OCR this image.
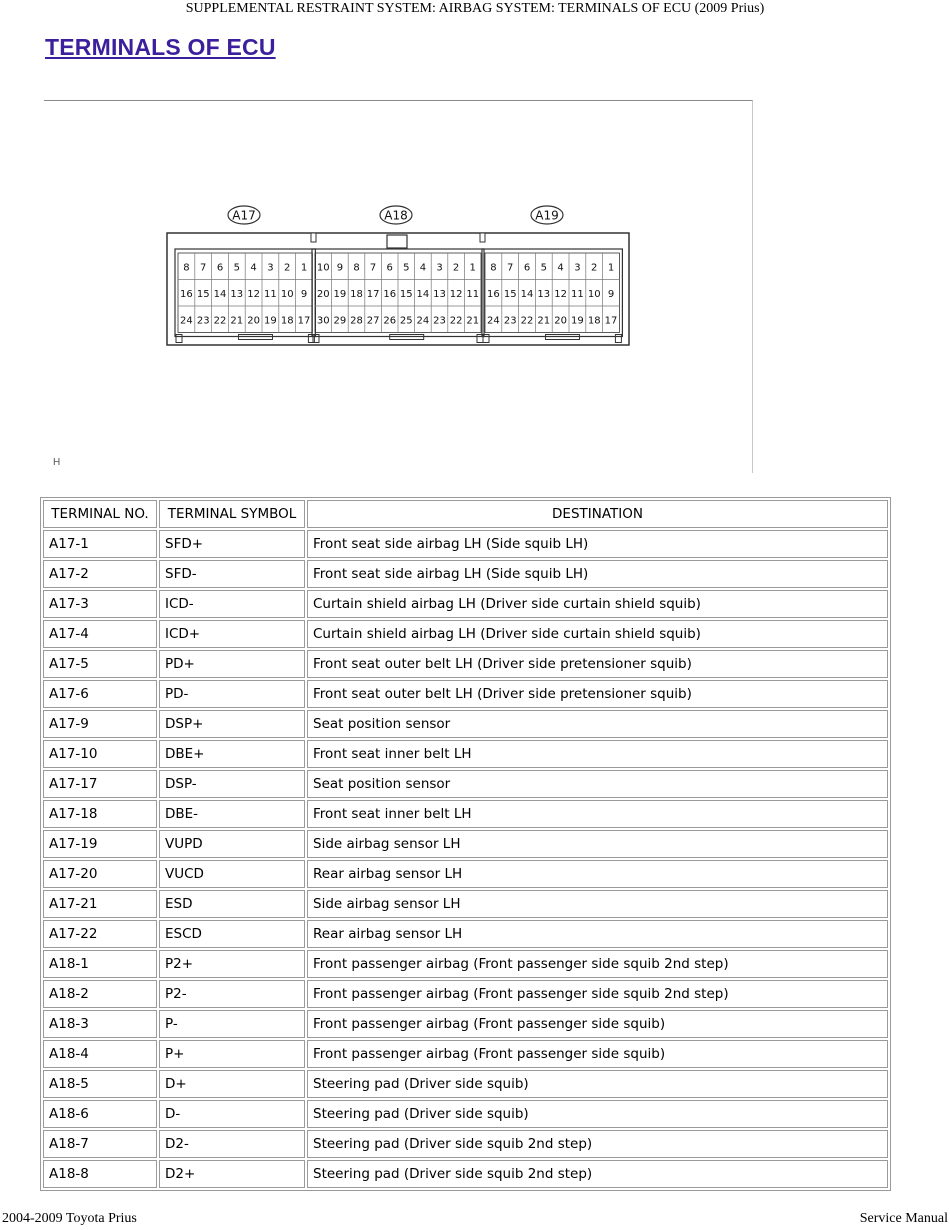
SUPPLEMENTAL RESTRAINT SYSTEM: AIRBAG SYSTEM: TERMINALS OF ECU (2009 Prius)
TERMINALS OF ECU
8 7 6 5 4 3 2 1
16 15 14 13 12 11 10 9
24 23 22 21 20 19 18 17
A17
10 9 8 7 6 5 4 3 2 1
20 19 18 17 16 15 14 13 12 11
30 29 28 27 26 25 24 23 22 21
A18
8 7 6 5 4 3 2 1
16 15 14 13 12 11 10 9
24 23 22 21 20 19 18 17
A19
H
TERMINAL NO.	TERMINAL SYMBOL	DESTINATION
A17-1	SFD+	Front seat side airbag LH (Side squib LH)
A17-2	SFD-	Front seat side airbag LH (Side squib LH)
A17-3	ICD-	Curtain shield airbag LH (Driver side curtain shield squib)
A17-4	ICD+	Curtain shield airbag LH (Driver side curtain shield squib)
A17-5	PD+	Front seat outer belt LH (Driver side pretensioner squib)
A17-6	PD-	Front seat outer belt LH (Driver side pretensioner squib)
A17-9	DSP+	Seat position sensor
A17-10	DBE+	Front seat inner belt LH
A17-17	DSP-	Seat position sensor
A17-18	DBE-	Front seat inner belt LH
A17-19	VUPD	Side airbag sensor LH
A17-20	VUCD	Rear airbag sensor LH
A17-21	ESD	Side airbag sensor LH
A17-22	ESCD	Rear airbag sensor LH
A18-1	P2+	Front passenger airbag (Front passenger side squib 2nd step)
A18-2	P2-	Front passenger airbag (Front passenger side squib 2nd step)
A18-3	P-	Front passenger airbag (Front passenger side squib)
A18-4	P+	Front passenger airbag (Front passenger side squib)
A18-5	D+	Steering pad (Driver side squib)
A18-6	D-	Steering pad (Driver side squib)
A18-7	D2-	Steering pad (Driver side squib 2nd step)
A18-8	D2+	Steering pad (Driver side squib 2nd step)
2004-2009 Toyota Prius	Service Manual
